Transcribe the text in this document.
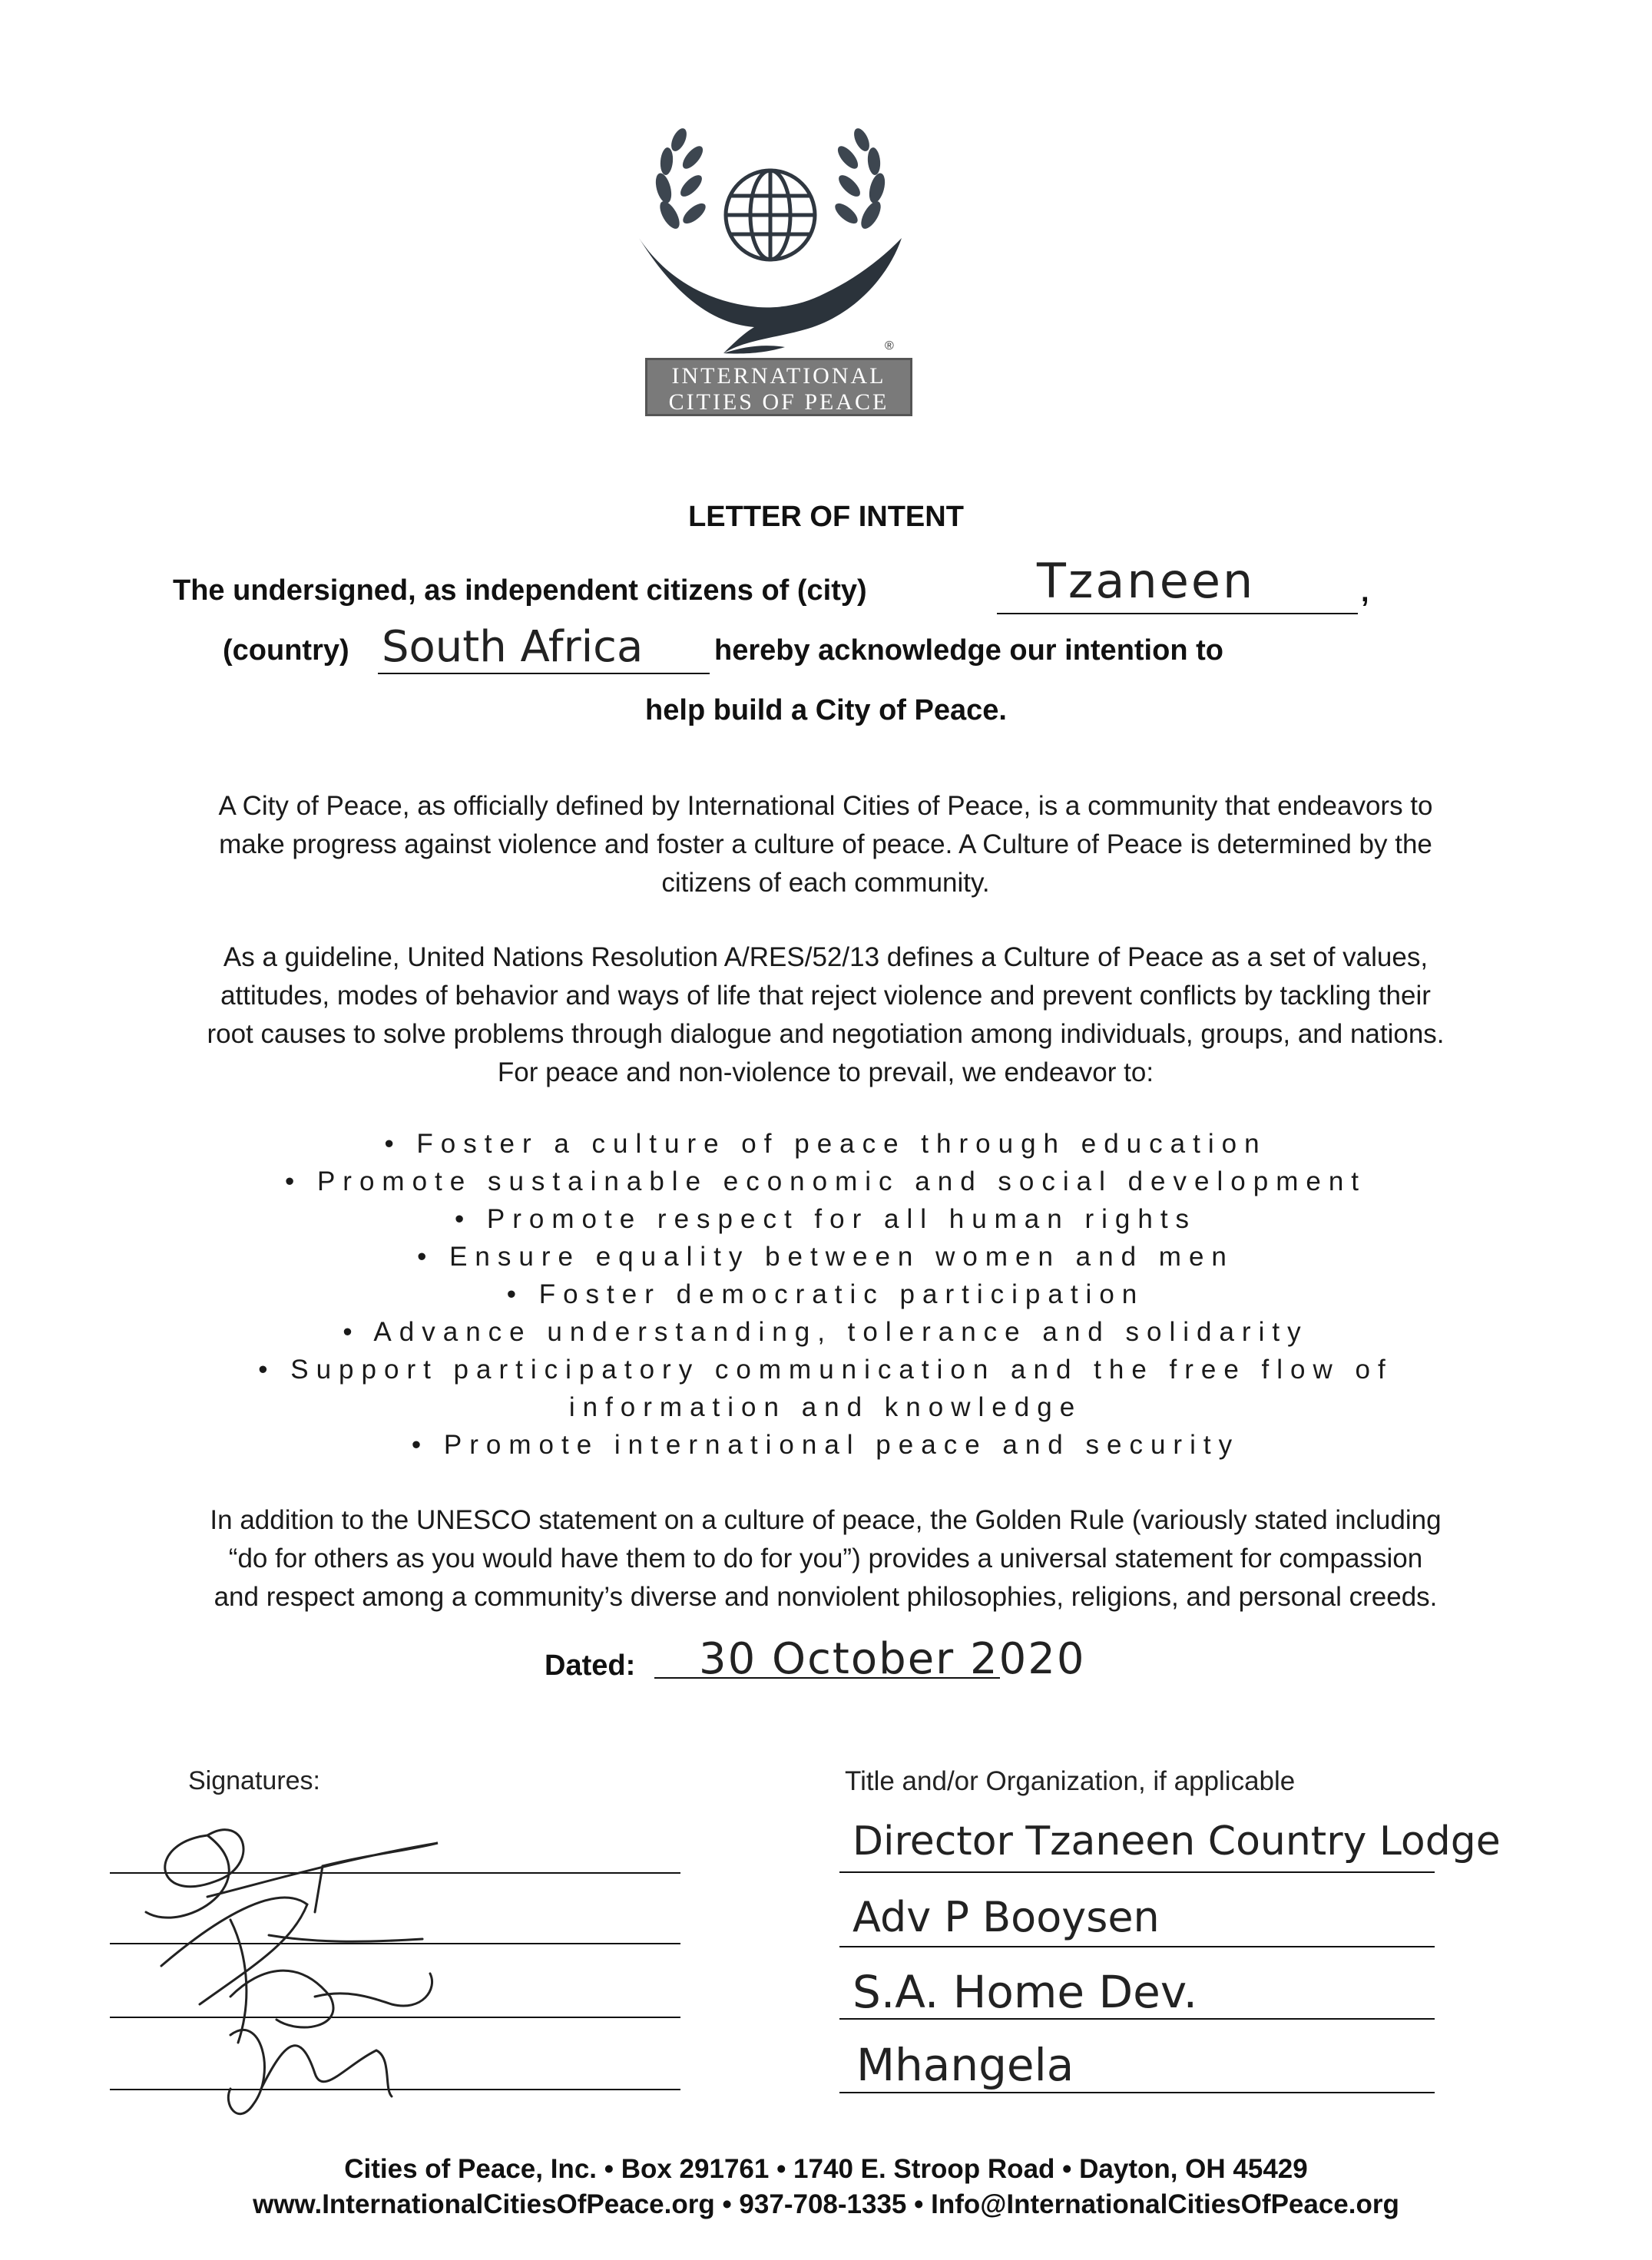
INTERNATIONAL
CITIES OF PEACE
®
LETTER OF INTENT
The undersigned, as independent citizens of (city)	Tzaneen	,
(country) South Africa hereby acknowledge our intention to
help build a City of Peace.
A City of Peace, as officially defined by International Cities of Peace, is a community that endeavors to
make progress against violence and foster a culture of peace. A Culture of Peace is determined by the
citizens of each community.
As a guideline, United Nations Resolution A/RES/52/13 defines a Culture of Peace as a set of values,
attitudes, modes of behavior and ways of life that reject violence and prevent conflicts by tackling their
root causes to solve problems through dialogue and negotiation among individuals, groups, and nations.
For peace and non-violence to prevail, we endeavor to:
• Foster a culture of peace through education
• Promote sustainable economic and social development
• Promote respect for all human rights
• Ensure equality between women and men
• Foster democratic participation
• Advance understanding, tolerance and solidarity
• Support participatory communication and the free flow of
information and knowledge
• Promote international peace and security
In addition to the UNESCO statement on a culture of peace, the Golden Rule (variously stated including
“do for others as you would have them to do for you”) provides a universal statement for compassion
and respect among a community’s diverse and nonviolent philosophies, religions, and personal creeds.
Dated: 30 October 2020
Signatures:	Title and/or Organization, if applicable
Director Tzaneen Country Lodge
Adv P Booysen
S.A. Home Dev.
Mhangela
Cities of Peace, Inc. • Box 291761 • 1740 E. Stroop Road • Dayton, OH 45429
www.InternationalCitiesOfPeace.org • 937-708-1335 • Info@InternationalCitiesOfPeace.org
